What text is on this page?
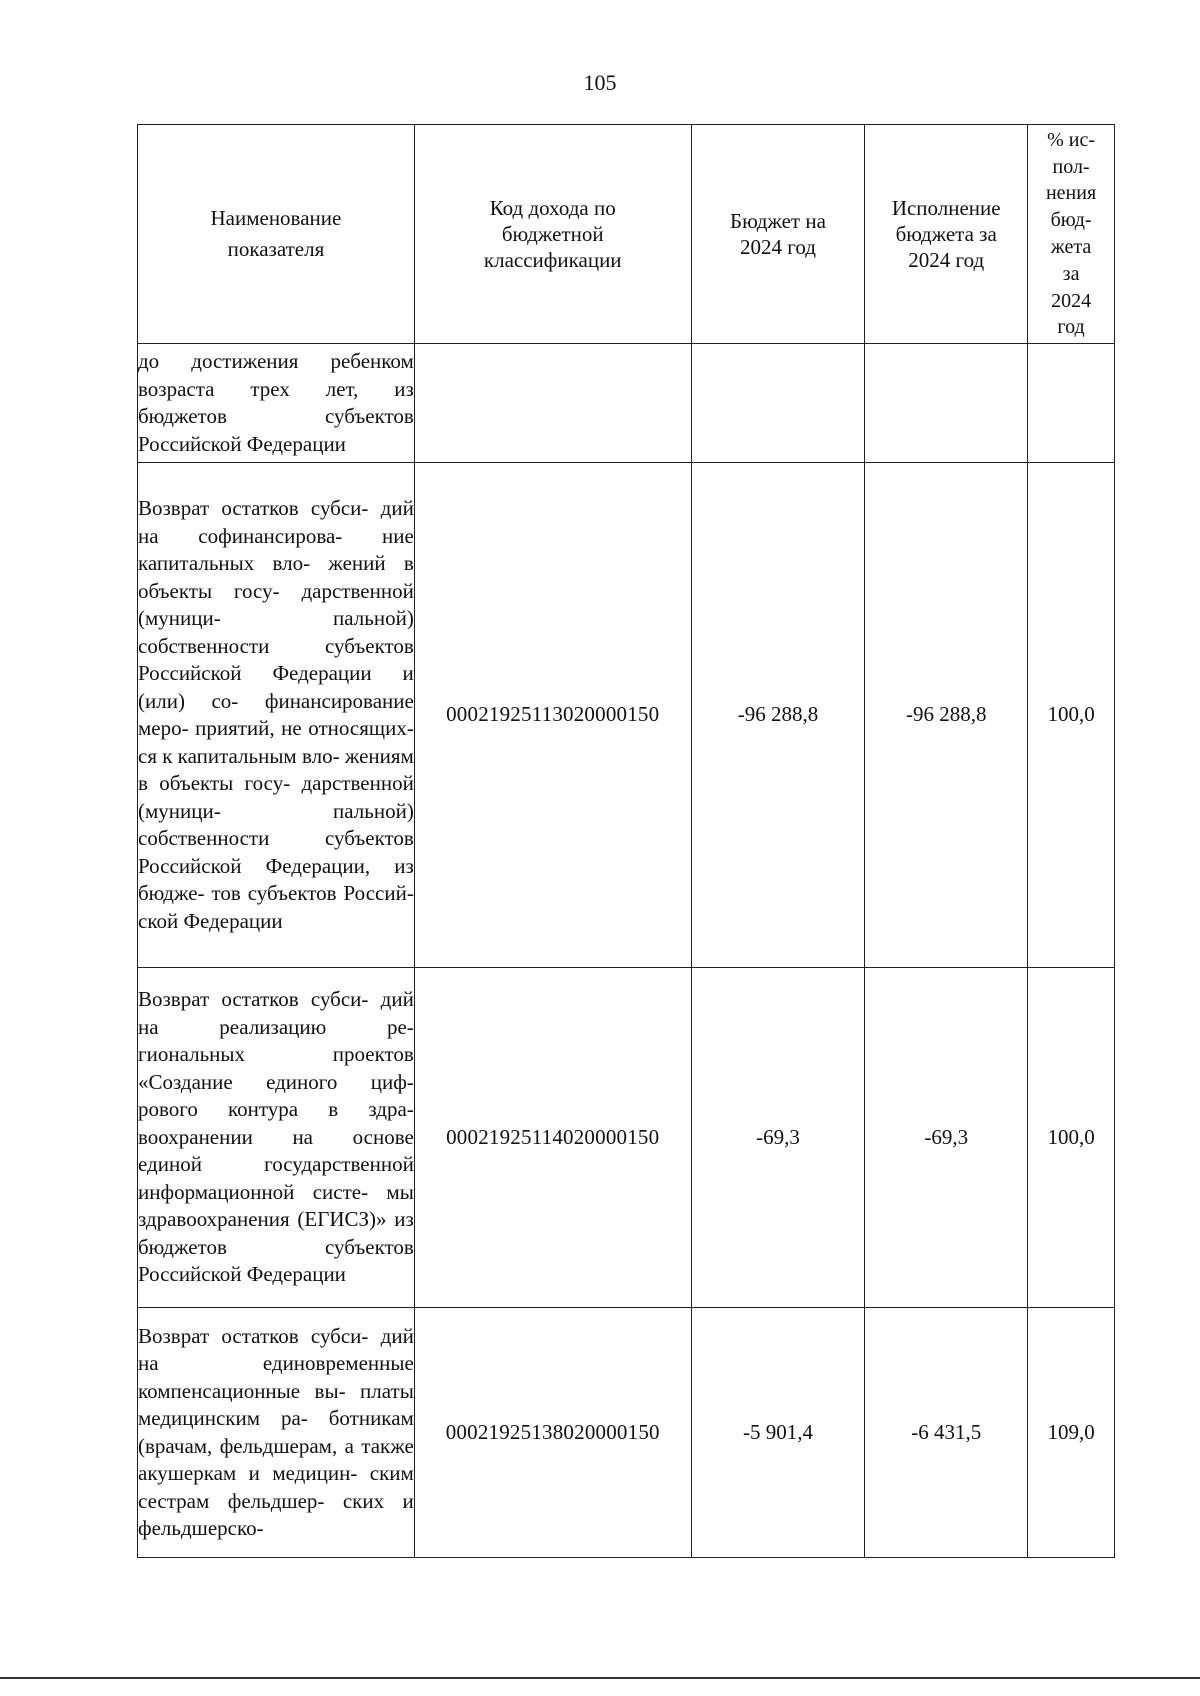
105
Наименование показателя	Код дохода по бюджетной классификации	Бюджет на 2024 год	Исполнение бюджета за 2024 год	% ис- пол- нения бюд- жета за 2024 год

до достижения ребенком возраста трех лет, из бюджетов субъектов Российской Федерации				
Возврат остатков субси- дий на софинансирова- ние капитальных вло- жений в объекты госу- дарственной (муници- пальной) собственности субъектов Российской Федерации и (или) со- финансирование меро- приятий, не относящих- ся к капитальным вло- жениям в объекты госу- дарственной (муници- пальной) собственности субъектов Российской Федерации, из бюдже- тов субъектов Россий- ской Федерации	00021925113020000150	-96 288,8	-96 288,8	100,0
Возврат остатков субси- дий на реализацию ре- гиональных проектов «Создание единого циф- рового контура в здра- воохранении на основе единой государственной информационной систе- мы здравоохранения (ЕГИСЗ)» из бюджетов субъектов Российской Федерации	00021925114020000150	-69,3	-69,3	100,0
Возврат остатков субси- дий на единовременные компенсационные вы- платы медицинским ра- ботникам (врачам, фельдшерам, а также акушеркам и медицин- ским сестрам фельдшер- ских и фельдшерско-	00021925138020000150	-5 901,4	-6 431,5	109,0
